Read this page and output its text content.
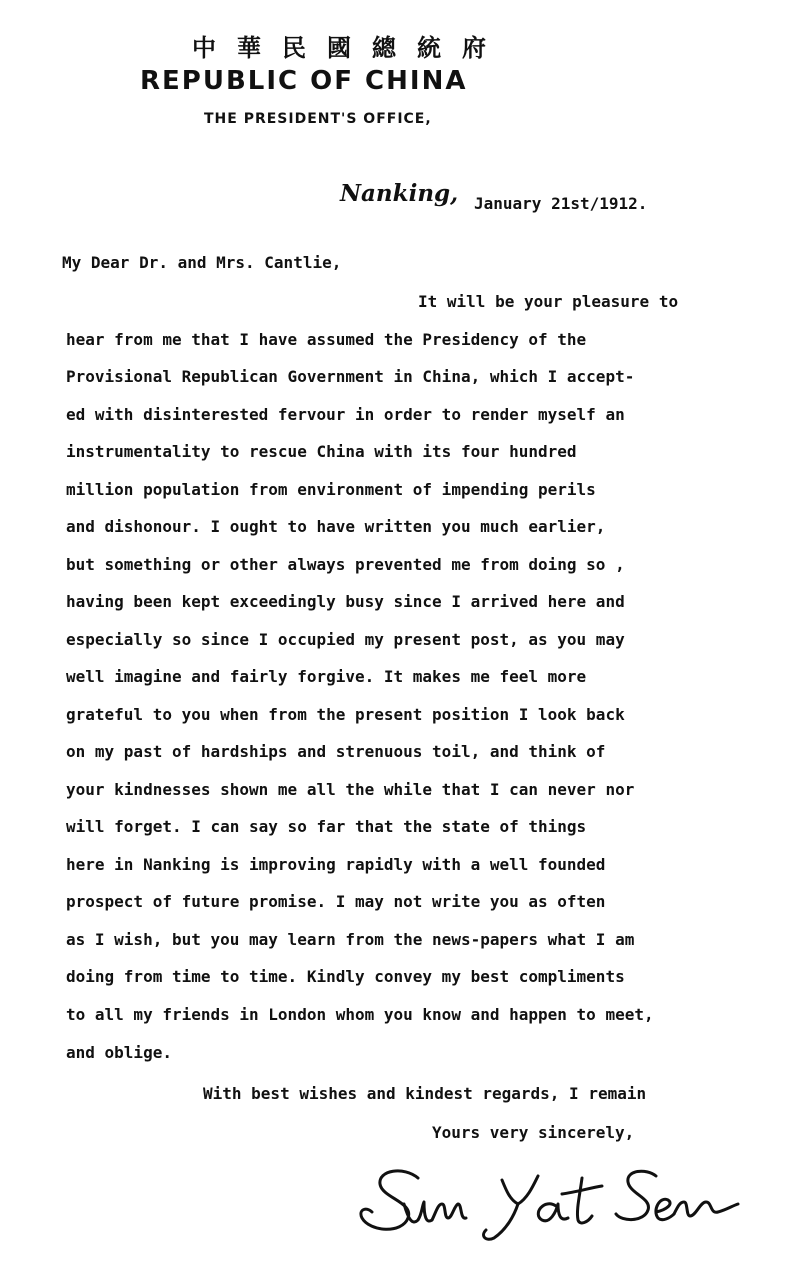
中華民國總統府
REPUBLIC OF CHINA
THE PRESIDENT'S OFFICE,
Nanking, January 21st/1912.
My Dear Dr. and Mrs. Cantlie,
It will be your pleasure to
hear from me that I have assumed the Presidency of the
Provisional Republican Government in China, which I accept-
ed with disinterested fervour in order to render myself an
instrumentality to rescue China with its four hundred
million population from environment of impending perils
and dishonour. I ought to have written you much earlier,
but something or other always prevented me from doing so ,
having been kept exceedingly busy since I arrived here and
especially so since I occupied my present post, as you may
well imagine and fairly forgive. It makes me feel more
grateful to you when from the present position I look back
on my past of hardships and strenuous toil, and think of
your kindnesses shown me all the while that I can never nor
will forget. I can say so far that the state of things
here in Nanking is improving rapidly with a well founded
prospect of future promise. I may not write you as often
as I wish, but you may learn from the news-papers what I am
doing from time to time. Kindly convey my best compliments
to all my friends in London whom you know and happen to meet,
and oblige.
With best wishes and kindest regards, I remain
Yours very sincerely,
